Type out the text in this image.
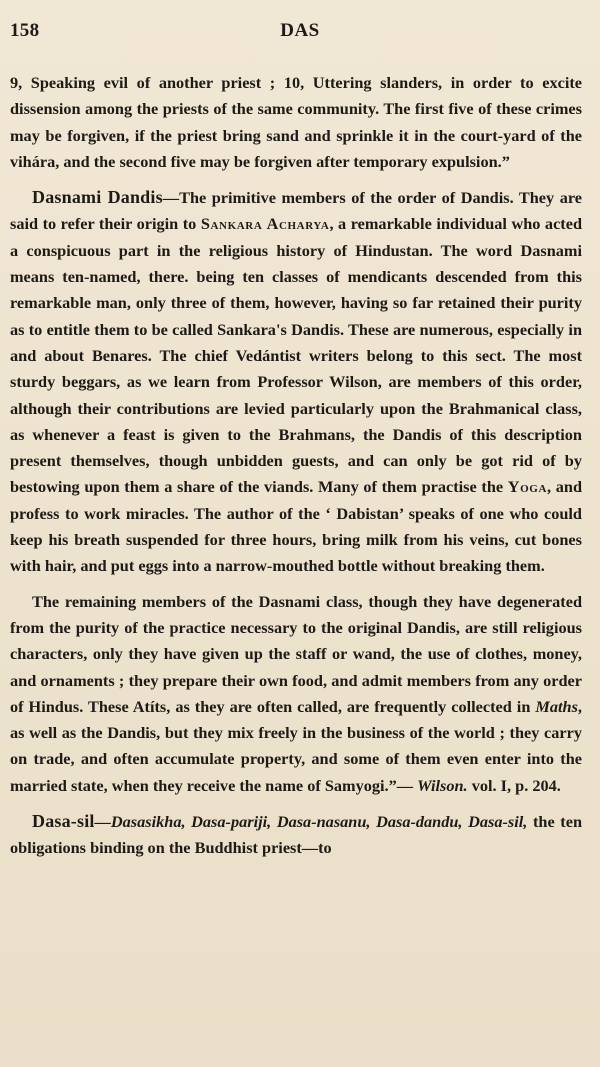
158	DAS

9, Speaking evil of another priest ; 10, Uttering slanders, in order to excite dissension among the priests of the same community. The first five of these crimes may be forgiven, if the priest bring sand and sprinkle it in the court-yard of the vihára, and the second five may be forgiven after temporary expulsion.”

Dasnami Dandis—The primitive members of the order of Dandis. They are said to refer their origin to Sankara Acharya, a remarkable individual who acted a conspicuous part in the religious history of Hindustan. The word Dasnami means ten-named, there. being ten classes of mendicants descended from this remarkable man, only three of them, however, having so far retained their purity as to entitle them to be called Sankara's Dandis. These are numerous, especially in and about Benares. The chief Vedántist writers belong to this sect. The most sturdy beggars, as we learn from Professor Wilson, are members of this order, although their contributions are levied particularly upon the Brahmanical class, as whenever a feast is given to the Brahmans, the Dandis of this description present themselves, though unbidden guests, and can only be got rid of by bestowing upon them a share of the viands. Many of them practise the Yoga, and profess to work miracles. The author of the ‘ Dabistan’ speaks of one who could keep his breath suspended for three hours, bring milk from his veins, cut bones with hair, and put eggs into a narrow-mouthed bottle without breaking them.

The remaining members of the Dasnami class, though they have degenerated from the purity of the practice necessary to the original Dandis, are still religious characters, only they have given up the staff or wand, the use of clothes, money, and ornaments ; they prepare their own food, and admit members from any order of Hindus. These Atíts, as they are often called, are frequently collected in Maths, as well as the Dandis, but they mix freely in the business of the world ; they carry on trade, and often accumulate property, and some of them even enter into the married state, when they receive the name of Samyogi.”— Wilson. vol. I, p. 204.

Dasa-sil—Dasasikha, Dasa-pariji, Dasa-nasanu, Dasa-dandu, Dasa-sil, the ten obligations binding on the Buddhist priest—to
